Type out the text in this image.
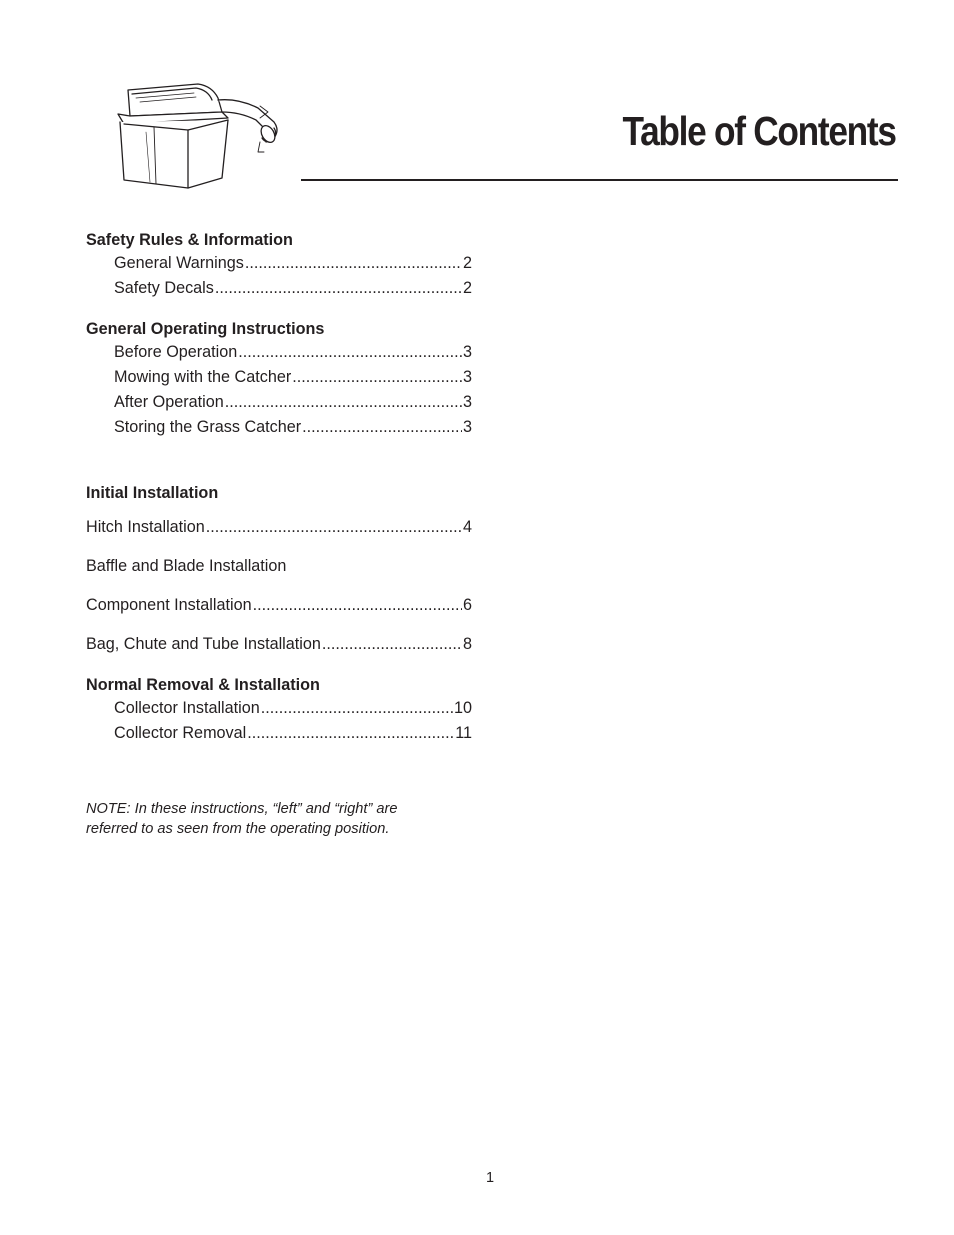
Table of Contents
Safety Rules & Information
General Warnings .....	2
Safety Decals .....	2
General Operating Instructions
Before Operation .....	3
Mowing with the Catcher .....	3
After Operation .....	3
Storing the Grass Catcher .....	3
Initial Installation
Hitch Installation .....	4
Baffle and Blade Installation
Component Installation .....	6
Bag, Chute and Tube Installation .....	8
Normal Removal & Installation
Collector Installation .....	10
Collector Removal .....	11

NOTE: In these instructions, “left” and “right” are
referred to as seen from the operating position.

1
